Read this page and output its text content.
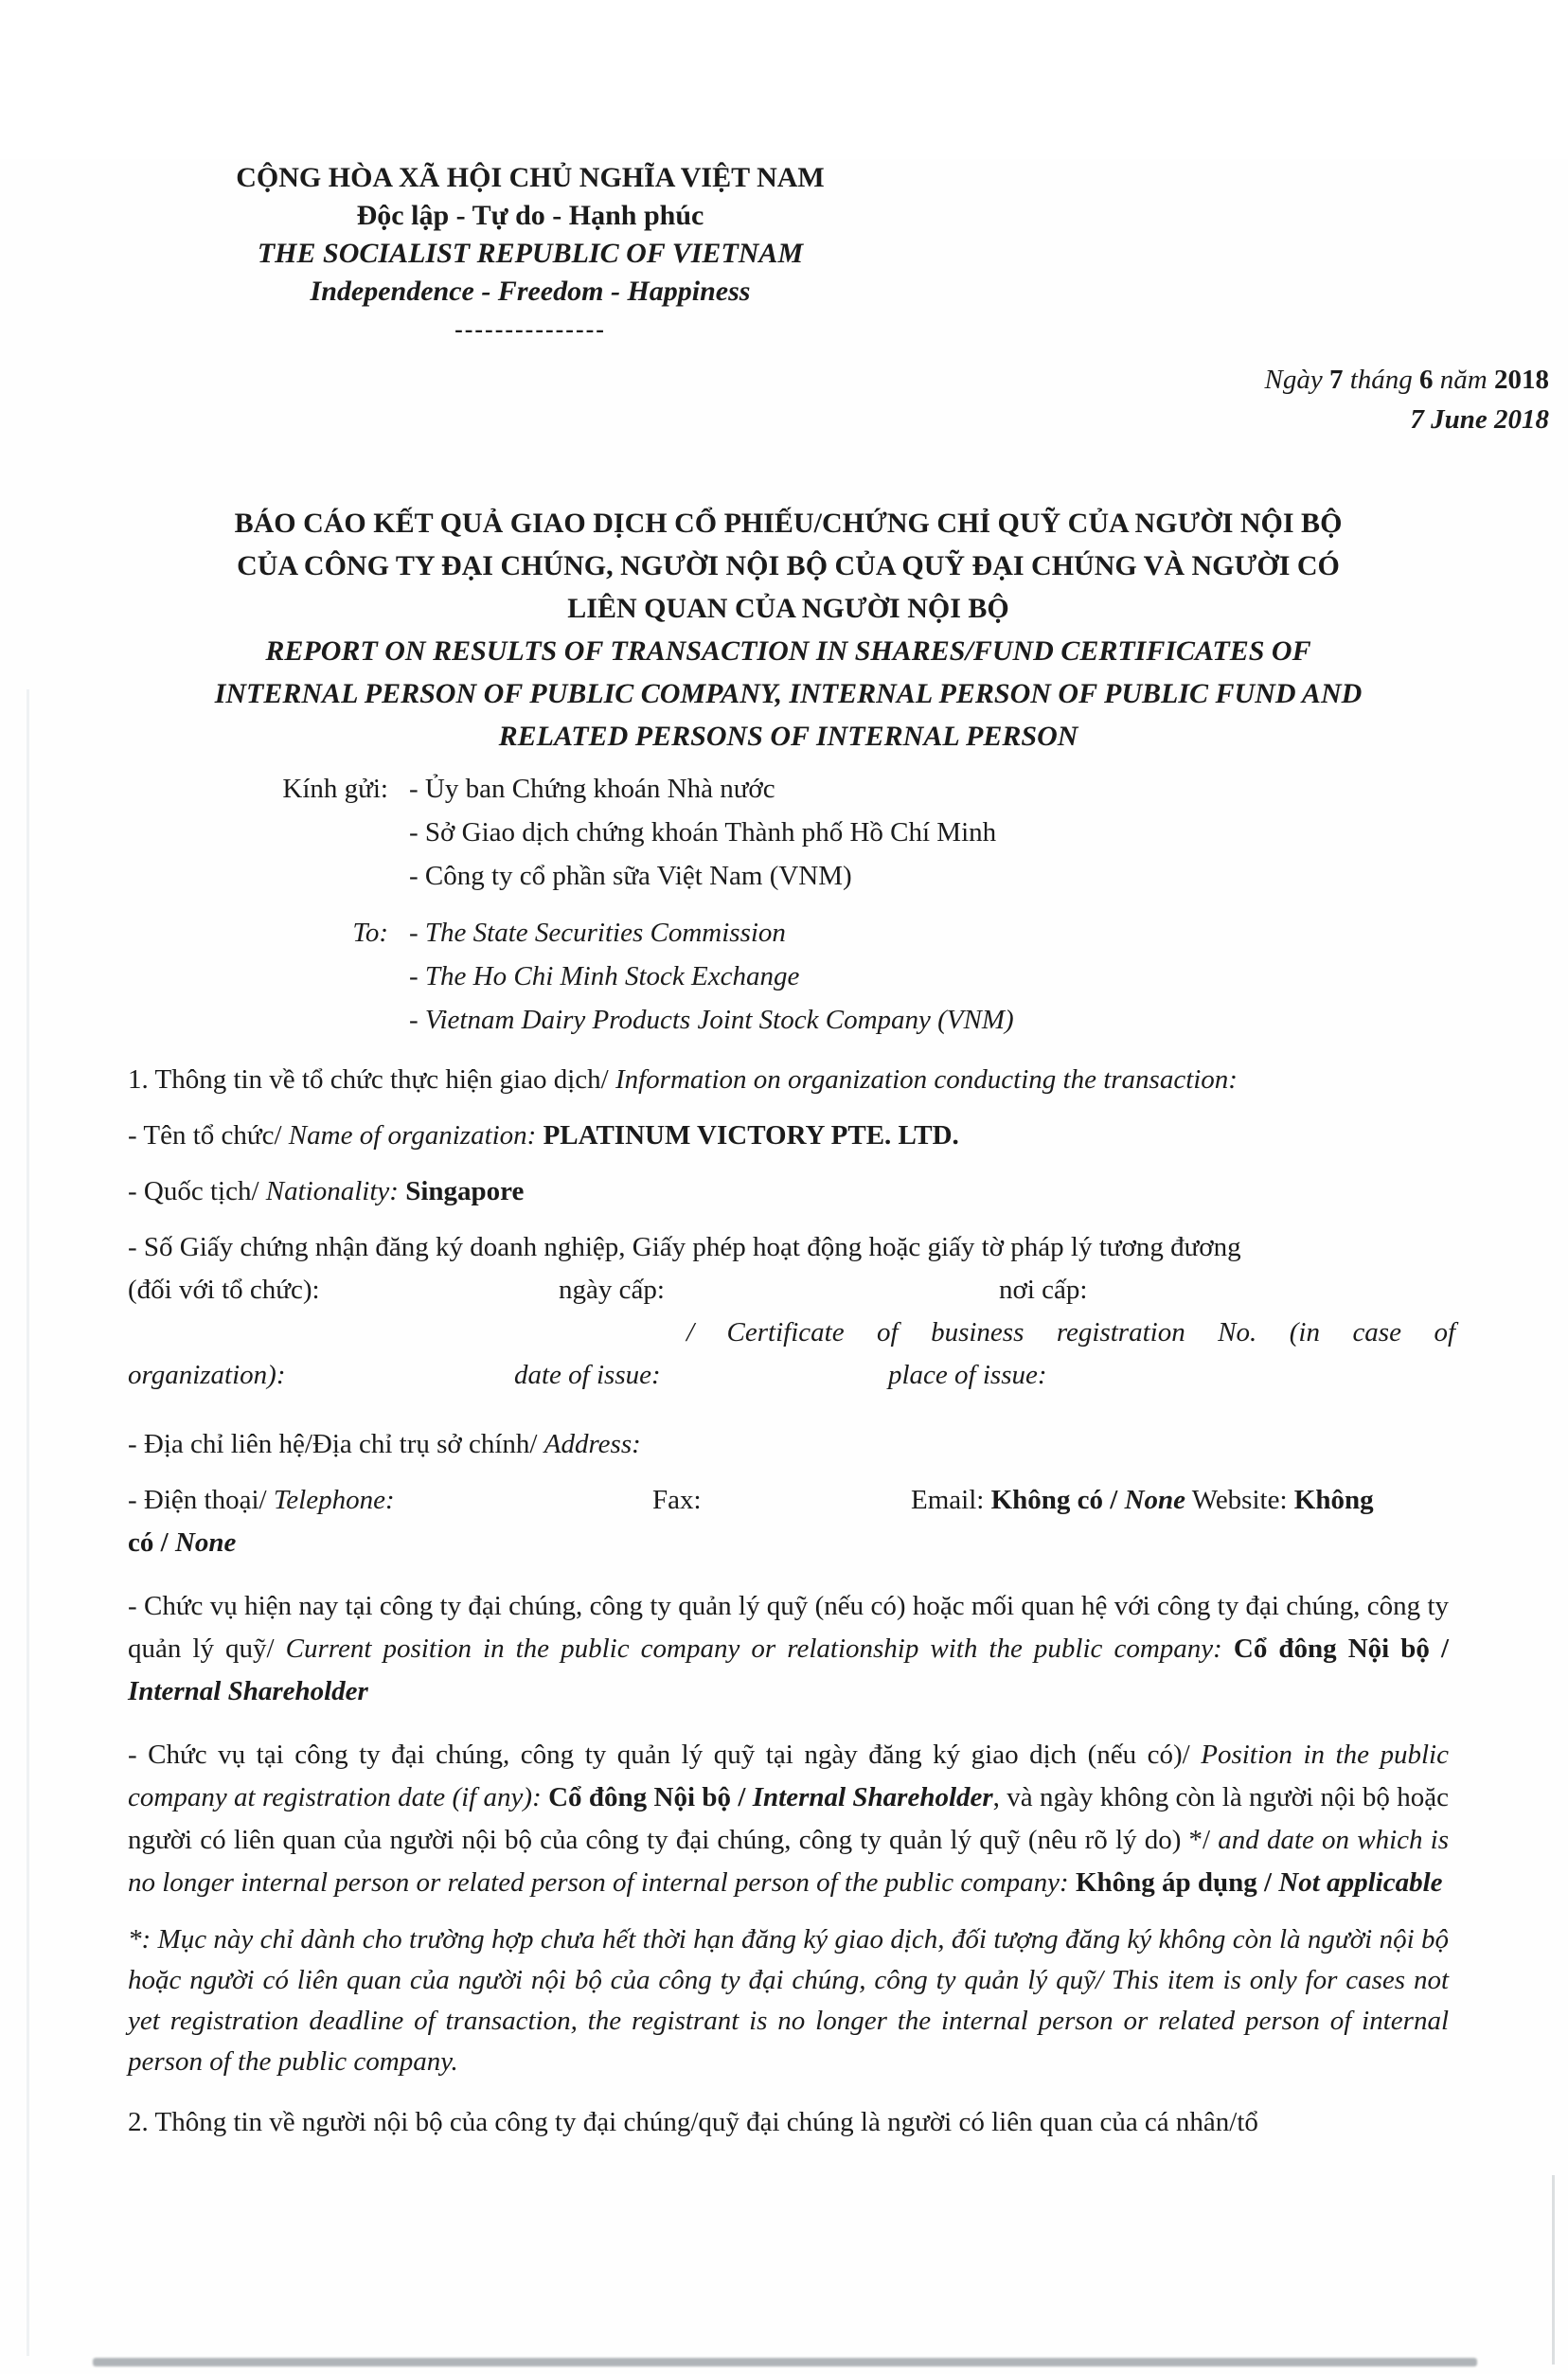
CỘNG HÒA XÃ HỘI CHỦ NGHĨA VIỆT NAM
Độc lập - Tự do - Hạnh phúc
THE SOCIALIST REPUBLIC OF VIETNAM
Independence - Freedom - Happiness
---------------
Ngày 7 tháng 6 năm 2018
7 June 2018
BÁO CÁO KẾT QUẢ GIAO DỊCH CỔ PHIẾU/CHỨNG CHỈ QUỸ CỦA NGƯỜI NỘI BỘ
CỦA CÔNG TY ĐẠI CHÚNG, NGƯỜI NỘI BỘ CỦA QUỸ ĐẠI CHÚNG VÀ NGƯỜI CÓ
LIÊN QUAN CỦA NGƯỜI NỘI BỘ
REPORT ON RESULTS OF TRANSACTION IN SHARES/FUND CERTIFICATES OF
INTERNAL PERSON OF PUBLIC COMPANY, INTERNAL PERSON OF PUBLIC FUND AND
RELATED PERSONS OF INTERNAL PERSON
Kính gửi: - Ủy ban Chứng khoán Nhà nước
- Sở Giao dịch chứng khoán Thành phố Hồ Chí Minh
- Công ty cổ phần sữa Việt Nam (VNM)
To: - The State Securities Commission
- The Ho Chi Minh Stock Exchange
- Vietnam Dairy Products Joint Stock Company (VNM)
1. Thông tin về tổ chức thực hiện giao dịch/ Information on organization conducting the transaction:
- Tên tổ chức/ Name of organization: PLATINUM VICTORY PTE. LTD.
- Quốc tịch/ Nationality: Singapore
- Số Giấy chứng nhận đăng ký doanh nghiệp, Giấy phép hoạt động hoặc giấy tờ pháp lý tương đương
(đối với tổ chức):	ngày cấp:	nơi cấp:
/ Certificate of business registration No. (in case of
organization):	date of issue:	place of issue:
- Địa chỉ liên hệ/Địa chỉ trụ sở chính/ Address:
- Điện thoại/ Telephone:	Fax:	Email: Không có / None Website: Không
có / None
- Chức vụ hiện nay tại công ty đại chúng, công ty quản lý quỹ (nếu có) hoặc mối quan hệ với công ty đại chúng, công ty quản lý quỹ/ Current position in the public company or relationship with the public company: Cổ đông Nội bộ / Internal Shareholder
- Chức vụ tại công ty đại chúng, công ty quản lý quỹ tại ngày đăng ký giao dịch (nếu có)/ Position in the public company at registration date (if any): Cổ đông Nội bộ / Internal Shareholder, và ngày không còn là người nội bộ hoặc người có liên quan của người nội bộ của công ty đại chúng, công ty quản lý quỹ (nêu rõ lý do) */ and date on which is no longer internal person or related person of internal person of the public company: Không áp dụng / Not applicable
*: Mục này chỉ dành cho trường hợp chưa hết thời hạn đăng ký giao dịch, đối tượng đăng ký không còn là người nội bộ hoặc người có liên quan của người nội bộ của công ty đại chúng, công ty quản lý quỹ/ This item is only for cases not yet registration deadline of transaction, the registrant is no longer the internal person or related person of internal person of the public company.
2. Thông tin về người nội bộ của công ty đại chúng/quỹ đại chúng là người có liên quan của cá nhân/tổ
